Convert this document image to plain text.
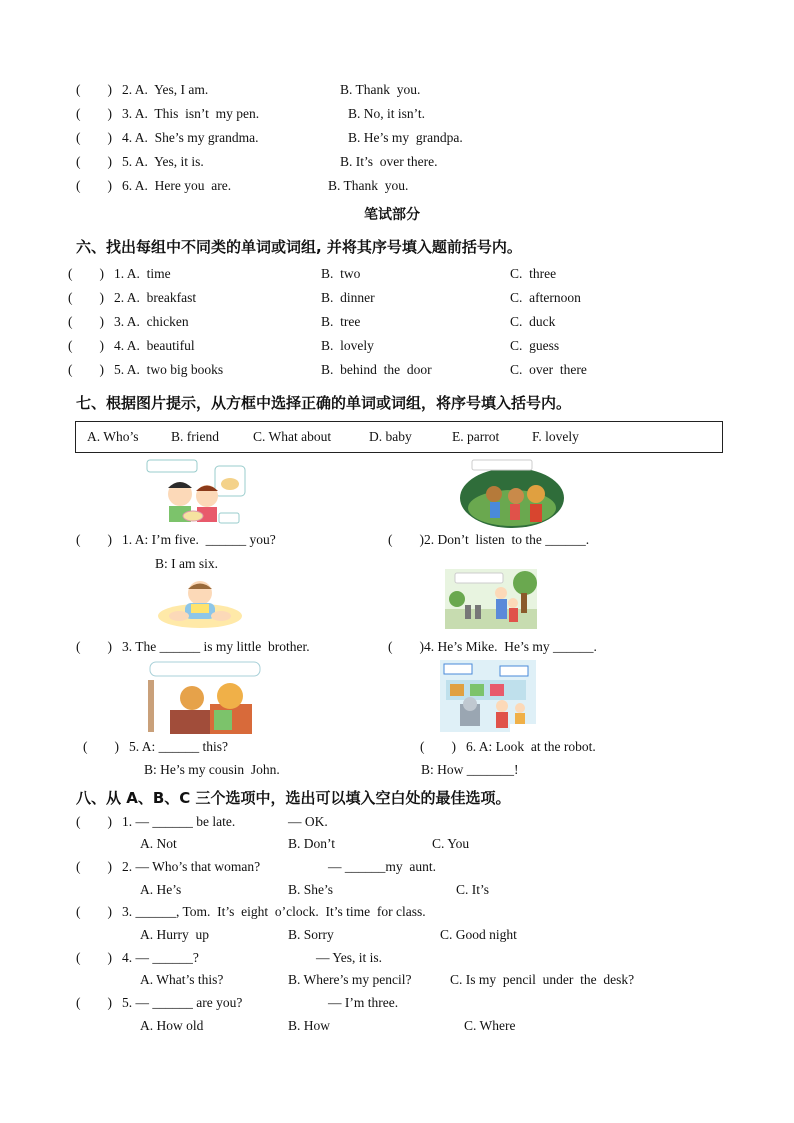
(        ) 2. A.  Yes, I am.	B. Thank  you.
(        ) 3. A.  This  isn’t  my pen.	B. No, it isn’t.
(        ) 4. A.  She’s my grandma.	B. He’s my  grandpa.
(        ) 5. A.  Yes, it is.	B. It’s  over there.
(        ) 6. A.  Here you  are.	B. Thank  you.
笔试部分
六、找出每组中不同类的单词或词组, 并将其序号填入题前括号内。
(        ) 1. A.  time	B.  two	C.  three
(        ) 2. A.  breakfast	B.  dinner	C.  afternoon
(        ) 3. A.  chicken	B.  tree	C.  duck
(        ) 4. A.  beautiful	B.  lovely	C.  guess
(        ) 5. A.  two big books	B.  behind  the  door	C.  over  there
七、根据图片提示，从方框中选择正确的单词或词组，将序号填入括号内。
A. Who’s B. friend	C. What about	D. baby	E. parrot F. lovely
(        ) 1. A: I’m five.  ______ you?
B: I am six.
(        ) 2. Don’t  listen  to the ______.
(        ) 3. The ______ is my little  brother.	(        ) 4. He’s Mike.  He’s my ______.
(        ) 5. A: ______ this?
B: He’s my cousin  John.
(        ) 6. A: Look  at the robot.
B: How _______!
八、从 A、B、C 三个选项中，选出可以填入空白处的最佳选项。
(        ) 1. — ______ be late.	— OK.
A. Not	B. Don’t	C. You
(        ) 2. — Who’s that woman?	— ______my  aunt.
A. He’s	B. She’s	C. It’s
(        ) 3. ______, Tom.  It’s  eight  o’clock.  It’s time  for class.
A. Hurry  up	B. Sorry	C. Good night
(        ) 4. — ______?	— Yes, it is.
A. What’s this?	B. Where’s my pencil?	C. Is my  pencil  under  the  desk?
(        ) 5. — ______ are you?	— I’m three.
A. How old	B. How	C. Where
